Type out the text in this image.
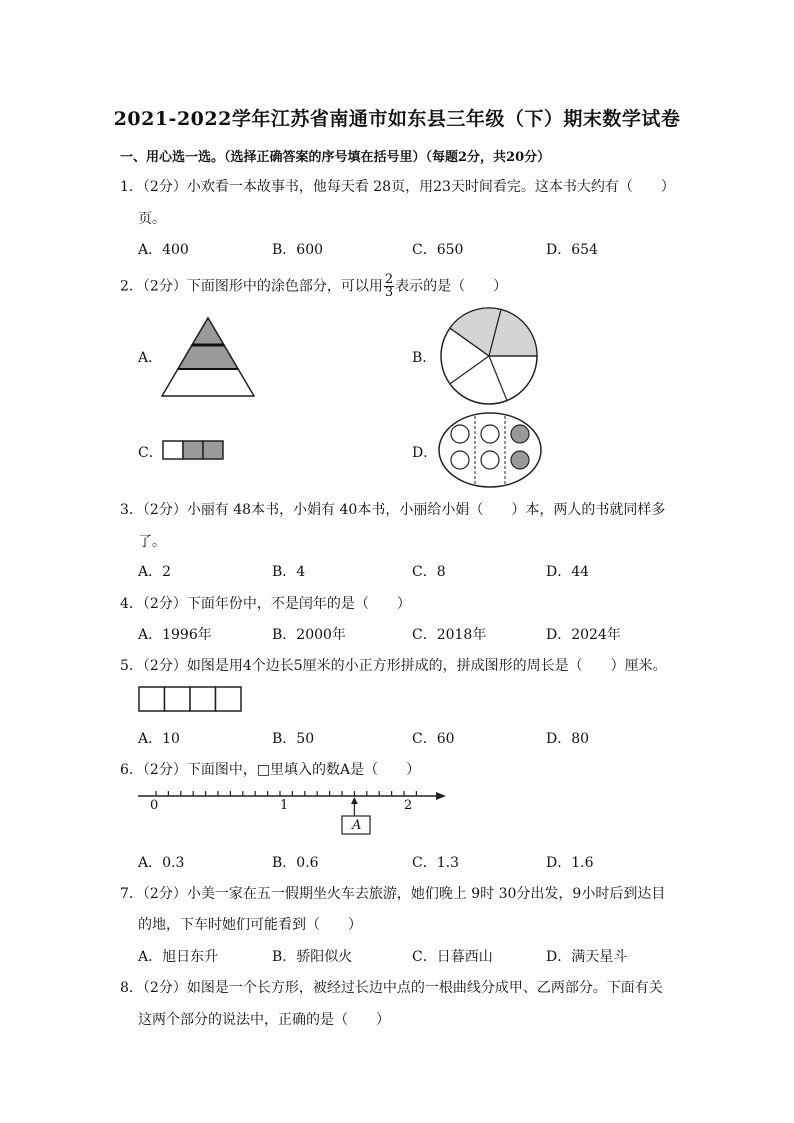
2021-2022学年江苏省南通市如东县三年级（下）期末数学试卷
一、用心选一选。（选择正确答案的序号填在括号里）（每题2分，共20分）
1．（2分）小欢看一本故事书，他每天看 28页，用23天时间看完。这本书大约有（　　）
页。
A．400	B．600	C．650	D．654
2．（2分）下面图形中的涂色部分，可以用 $\frac{2}{3}$ 表示的是（　　）
A．	B．
C．	D．
3．（2分）小丽有 48本书，小娟有 40本书，小丽给小娟（　　）本，两人的书就同样多
了。
A．2	B．4	C．8	D．44
4．（2分）下面年份中，不是闰年的是（　　）
A．1996年	B．2000年	C．2018年	D．2024年
5．（2分）如图是用4个边长5厘米的小正方形拼成的，拼成图形的周长是（　　）厘米。
A．10	B．50	C．60	D．80
6．（2分）下面图中，□里填入的数A是（　　）
0	1	2
A
A．0.3	B．0.6	C．1.3	D．1.6
7．（2分）小美一家在五一假期坐火车去旅游，她们晚上 9时 30分出发，9小时后到达目
的地，下车时她们可能看到（　　）
A．旭日东升	B．骄阳似火	C．日暮西山	D．满天星斗
8．（2分）如图是一个长方形，被经过长边中点的一根曲线分成甲、乙两部分。下面有关
这两个部分的说法中，正确的是（　　）
